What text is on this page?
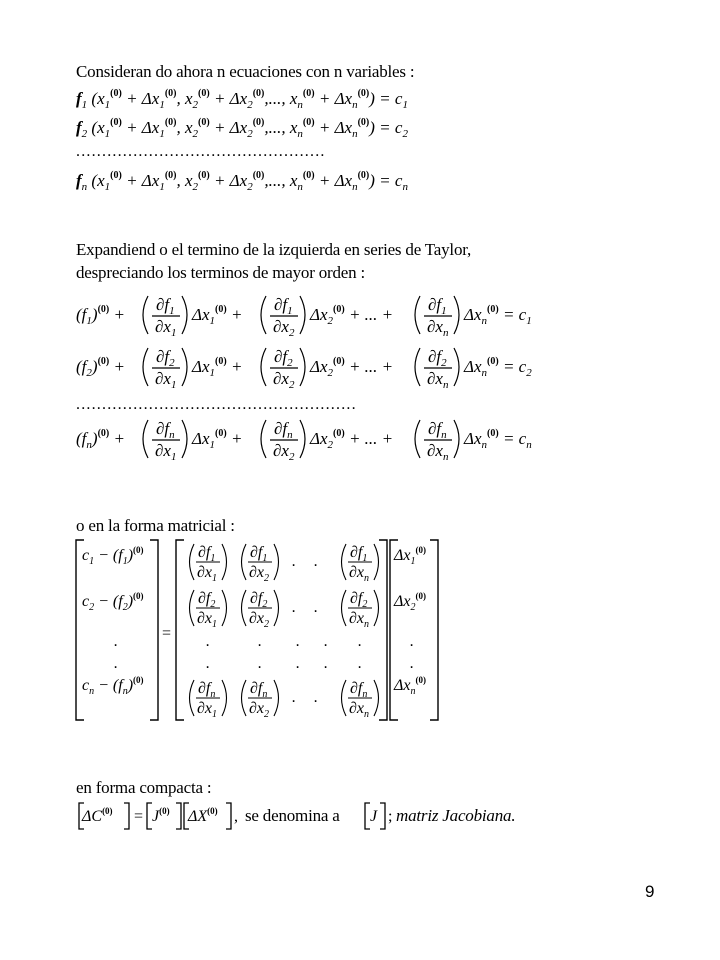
Consideran do ahora n ecuaciones con n variables :
$f_1$ ($x_1^{(0)} + \Delta x_1^{(0)}$, $x_2^{(0)} + \Delta x_2^{(0)}$,..., $x_n^{(0)} + \Delta x_n^{(0)}) = c_1$
$f_2$ ($x_1^{(0)} + \Delta x_1^{(0)}$, $x_2^{(0)} + \Delta x_2^{(0)}$,..., $x_n^{(0)} + \Delta x_n^{(0)}) = c_2$
................................................
$f_n$ ($x_1^{(0)} + \Delta x_1^{(0)}$, $x_2^{(0)} + \Delta x_2^{(0)}$,..., $x_n^{(0)} + \Delta x_n^{(0)}) = c_n$
Expandiend o el termino de la izquierda en series de Taylor,
despreciando los terminos de mayor orden :
$(f_1)^{(0)}$ +
$\partial f_1$
$\partial x_1$
$\Delta x_1^{(0)}$ +
$\partial f_1$
$\partial x_2$
$\Delta x_2^{(0)}$ + ... +
$\partial f_1$
$\partial x_n$
$\Delta x_n^{(0)} = c_1$
$(f_2)^{(0)}$ +
$\partial f_2$
$\partial x_1$
$\Delta x_1^{(0)}$ +
$\partial f_2$
$\partial x_2$
$\Delta x_2^{(0)}$ + ... +
$\partial f_2$
$\partial x_n$
$\Delta x_n^{(0)} = c_2$
......................................................
$(f_n)^{(0)}$ +
$\partial f_n$
$\partial x_1$
$\Delta x_1^{(0)}$ +
$\partial f_n$
$\partial x_2$
$\Delta x_2^{(0)}$ + ... +
$\partial f_n$
$\partial x_n$
$\Delta x_n^{(0)} = c_n$
o en la forma matricial :
$c_1 - (f_1)^{(0)}$
$c_2 - (f_2)^{(0)}$
.
.
$c_n - (f_n)^{(0)}$
=
$\partial f_1$
$\partial x_1$
$\partial f_1$
$\partial x_2$
. .
$\partial f_1$
$\partial x_n$
$\partial f_2$
$\partial x_1$
$\partial f_2$
$\partial x_2$
. .
$\partial f_2$
$\partial x_n$
.	. . . .
.	. . . .
$\partial f_n$
$\partial x_1$
$\partial f_n$
$\partial x_2$
. .
$\partial f_n$
$\partial x_n$
$\Delta x_1^{(0)}$
$\Delta x_2^{(0)}$
.
.
$\Delta x_n^{(0)}$
en forma compacta :
$\Delta C^{(0)} = J^{(0)}$ ΔX$^{(0)}$ , se denomina a J ; matriz Jacobiana.
9
